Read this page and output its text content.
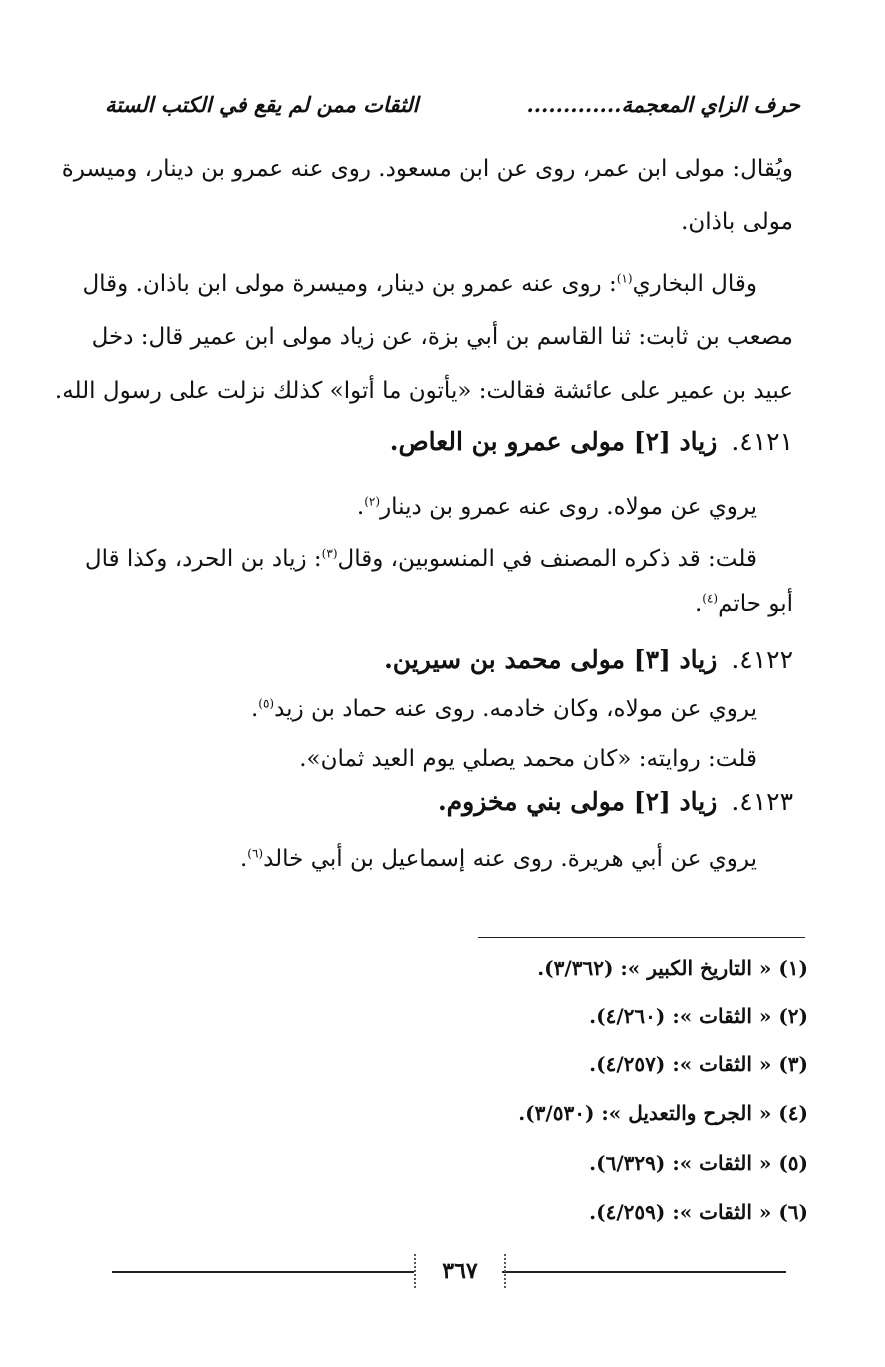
حرف الزاي المعجمة.............
الثقات ممن لم يقع في الكتب الستة
ويُقال: مولى ابن عمر، روى عن ابن مسعود. روى عنه عمرو بن دينار، وميسرة
مولى باذان.
وقال البخاري$^{(١)}$: روى عنه عمرو بن دينار، وميسرة مولى ابن باذان. وقال
مصعب بن ثابت: ثنا القاسم بن أبي بزة، عن زياد مولى ابن عمير قال: دخل
عبيد بن عمير على عائشة فقالت: «يأتون ما أتوا» كذلك نزلت على رسول الله.
٤١٢١.زياد [٢] مولى عمرو بن العاص.
يروي عن مولاه. روى عنه عمرو بن دينار$^{(٢)}$.
قلت: قد ذكره المصنف في المنسوبين، وقال$^{(٣)}$: زياد بن الحرد، وكذا قال
أبو حاتم$^{(٤)}$.
٤١٢٢.زياد [٣] مولى محمد بن سيرين.
يروي عن مولاه، وكان خادمه. روى عنه حماد بن زيد$^{(٥)}$.
قلت: روايته: «كان محمد يصلي يوم العيد ثمان».
٤١٢٣.زياد [٢] مولى بني مخزوم.
يروي عن أبي هريرة. روى عنه إسماعيل بن أبي خالد$^{(٦)}$.
(١) « التاريخ الكبير »: (٣/٣٦٢).
(٢) « الثقات »: (٤/٢٦٠).
(٣) « الثقات »: (٤/٢٥٧).
(٤) « الجرح والتعديل »: (٣/٥٣٠).
(٥) « الثقات »: (٦/٣٢٩).
(٦) « الثقات »: (٤/٢٥٩).
٣٦٧
